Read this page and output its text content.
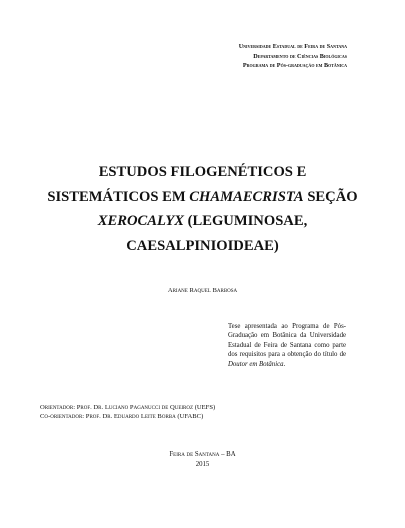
Universidade Estadual de Feira de Santana
Departamento de Ciências Biológicas
Programa de Pós-graduação em Botânica
ESTUDOS FILOGENÉTICOS E
SISTEMÁTICOS EM CHAMAECRISTA SEÇÃO
XEROCALYX (LEGUMINOSAE,
CAESALPINIOIDEAE)
Ariane Raquel Barbosa
Tese apresentada ao Programa de Pós-Graduação em Botânica da Universidade Estadual de Feira de Santana como parte dos requisitos para a obtenção do título de Doutor em Botânica.
Orientador: Prof. Dr. Luciano Paganucci de Queiroz (UEFS)
Co-orientador: Prof. Dr. Eduardo Leite Borba (UFABC)
Feira de Santana – BA
2015
